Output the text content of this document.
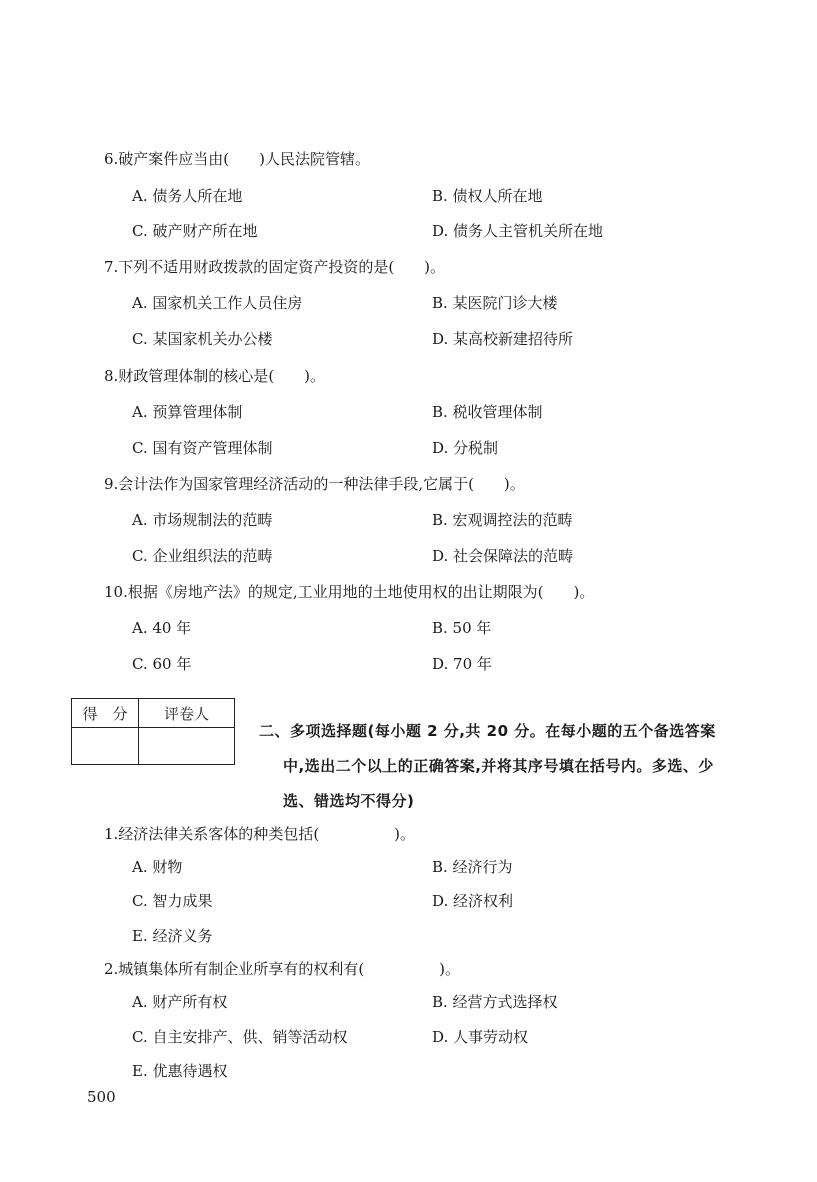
6.破产案件应当由(　　)人民法院管辖。
A. 债务人所在地	B. 债权人所在地
C. 破产财产所在地	D. 债务人主管机关所在地
7.下列不适用财政拨款的固定资产投资的是(　　)。
A. 国家机关工作人员住房	B. 某医院门诊大楼
C. 某国家机关办公楼	D. 某高校新建招待所
8.财政管理体制的核心是(　　)。
A. 预算管理体制	B. 税收管理体制
C. 国有资产管理体制	D. 分税制
9.会计法作为国家管理经济活动的一种法律手段,它属于(　　)。
A. 市场规制法的范畴	B. 宏观调控法的范畴
C. 企业组织法的范畴	D. 社会保障法的范畴
10.根据《房地产法》的规定,工业用地的土地使用权的出让期限为(　　)。
A. 40 年	B. 50 年
C. 60 年	D. 70 年
得　分	评卷人

二、多项选择题(每小题 2 分,共 20 分。在每小题的五个备选答案
中,选出二个以上的正确答案,并将其序号填在括号内。多选、少
选、错选均不得分)
1.经济法律关系客体的种类包括(　　　　　)。
A. 财物	B. 经济行为
C. 智力成果	D. 经济权利
E. 经济义务
2.城镇集体所有制企业所享有的权利有(　　　　　)。
A. 财产所有权	B. 经营方式选择权
C. 自主安排产、供、销等活动权	D. 人事劳动权
E. 优惠待遇权
500
